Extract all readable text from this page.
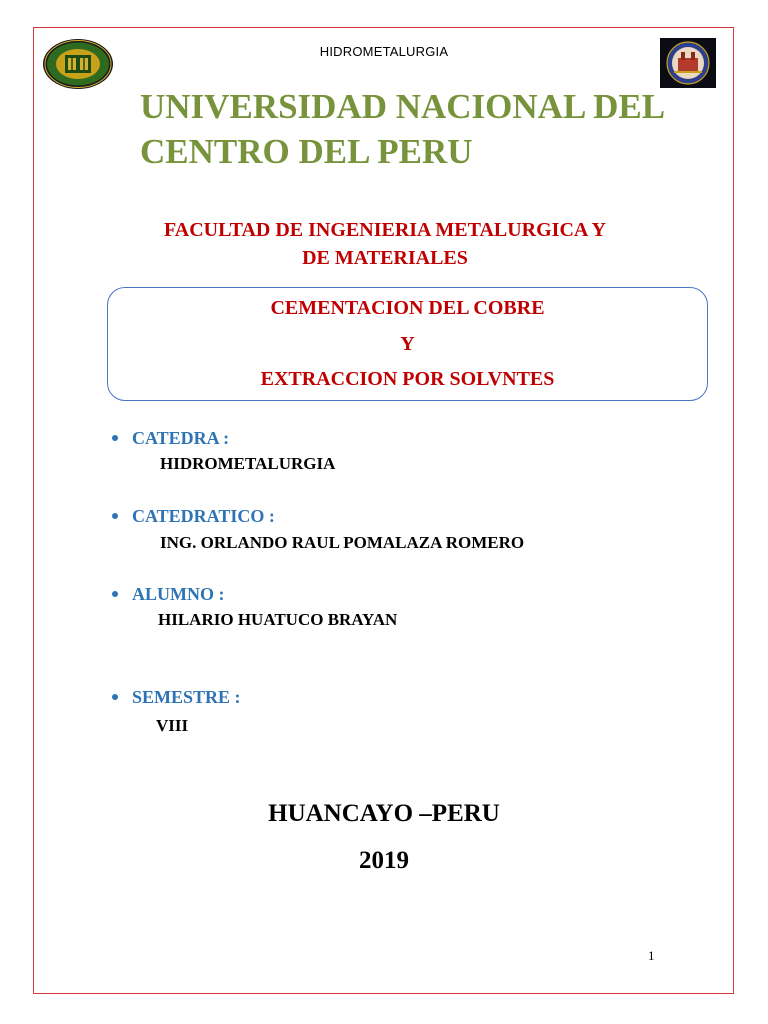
HIDROMETALURGIA
UNIVERSIDAD NACIONAL DEL
CENTRO DEL PERU
FACULTAD DE INGENIERIA METALURGICA Y
DE MATERIALES
CEMENTACION DEL COBRE
Y
EXTRACCION POR SOLVNTES
CATEDRA :
HIDROMETALURGIA
CATEDRATICO :
ING. ORLANDO RAUL POMALAZA ROMERO
ALUMNO :
HILARIO HUATUCO BRAYAN
SEMESTRE :
VIII
HUANCAYO –PERU
2019
1
